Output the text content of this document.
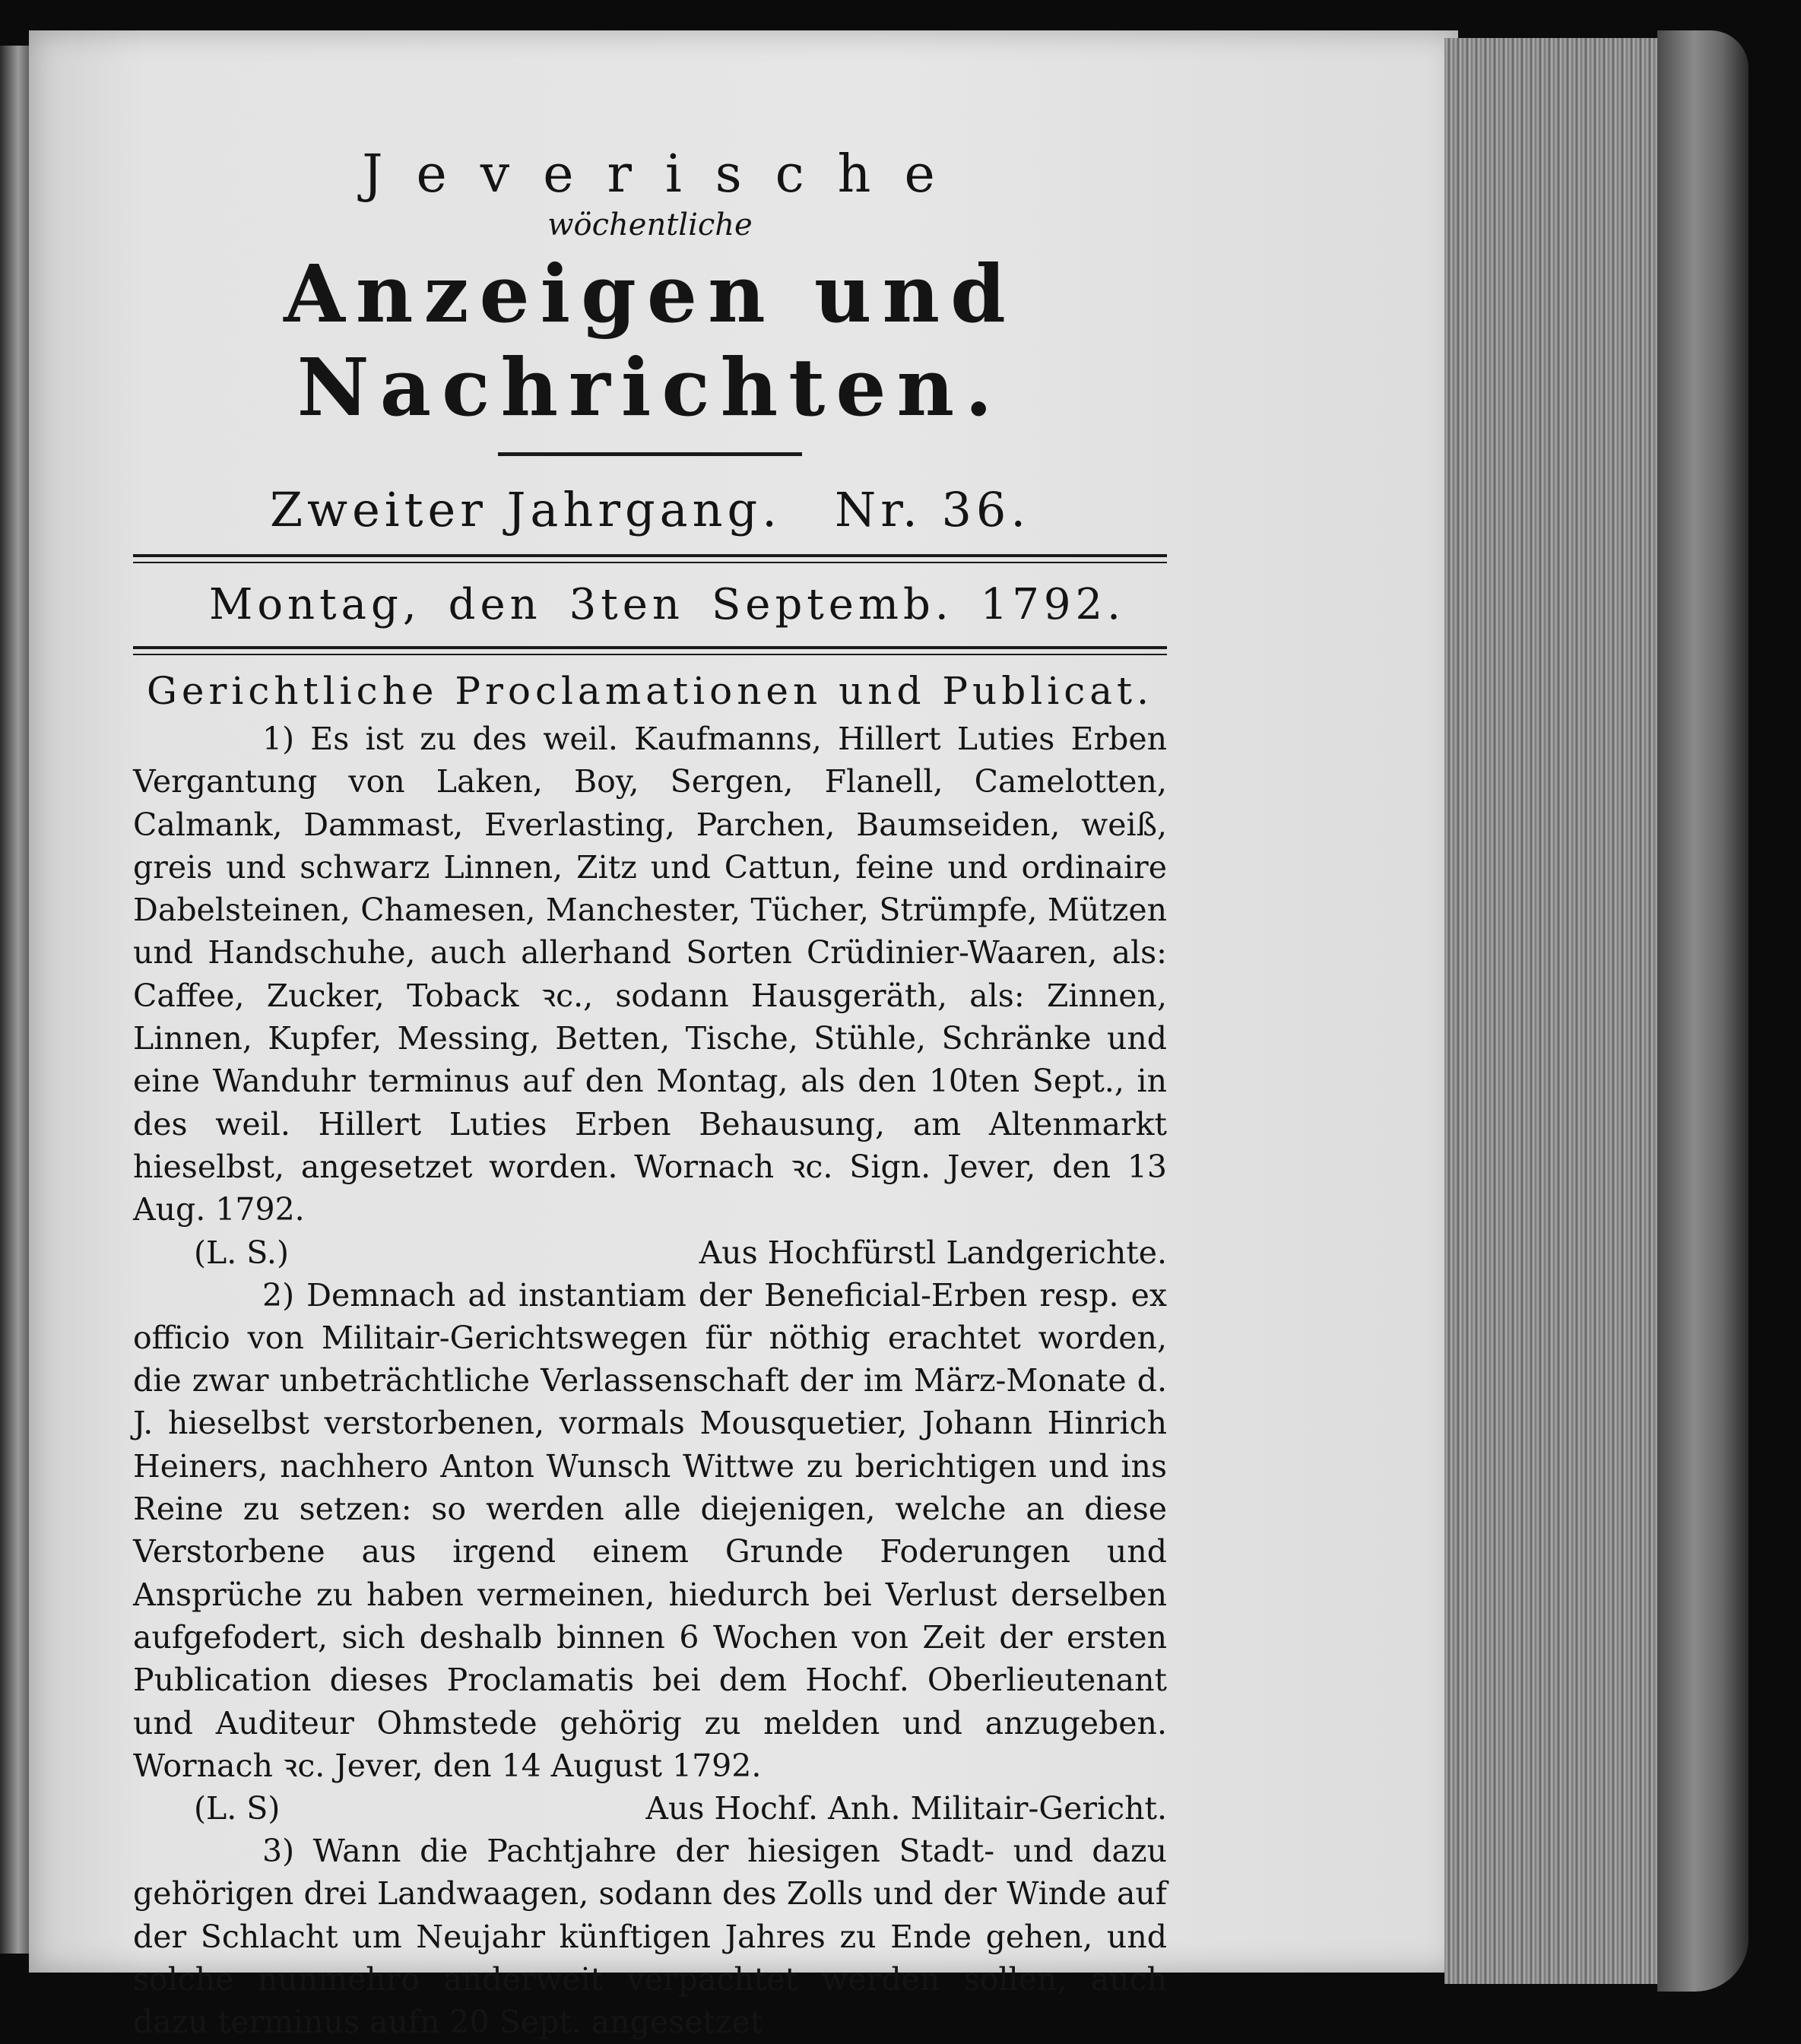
Jeverische
wöchentliche
Anzeigen und Nachrichten.
Zweiter Jahrgang. Nr. 36.
Montag, den 3ten Septemb. 1792.
Gerichtliche Proclamationen und Publicat.

1) Es ist zu des weil. Kaufmanns, Hillert Luties Erben Vergantung von Laken, Boy, Sergen, Flanell, Camelotten, Calmank, Dammast, Everlasting, Parchen, Baumseiden, weiß, greis und schwarz Linnen, Zitz und Cattun, feine und ordinaire Dabelsteinen, Chamesen, Manchester, Tücher, Strümpfe, Mützen und Handschuhe, auch allerhand Sorten Crüdinier-Waaren, als: Caffee, Zucker, Toback ꝛc., sodann Hausgeräth, als: Zinnen, Linnen, Kupfer, Messing, Betten, Tische, Stühle, Schränke und eine Wanduhr terminus auf den Montag, als den 10ten Sept., in des weil. Hillert Luties Erben Behausung, am Altenmarkt hieselbst, angesetzet worden. Wornach ꝛc. Sign. Jever, den 13 Aug. 1792.

(L. S.)	Aus Hochfürstl Landgerichte.

2) Demnach ad instantiam der Beneficial-Erben resp. ex officio von Militair-Gerichtswegen für nöthig erachtet worden, die zwar unbeträchtliche Verlassenschaft der im März-Monate d. J. hieselbst verstorbenen, vormals Mousquetier, Johann Hinrich Heiners, nachhero Anton Wunsch Wittwe zu berichtigen und ins Reine zu setzen: so werden alle diejenigen, welche an diese Verstorbene aus irgend einem Grunde Foderungen und Ansprüche zu haben vermeinen, hiedurch bei Verlust derselben aufgefodert, sich deshalb binnen 6 Wochen von Zeit der ersten Publication dieses Proclamatis bei dem Hochf. Oberlieutenant und Auditeur Ohmstede gehörig zu melden und anzugeben. Wornach ꝛc. Jever, den 14 August 1792.

(L. S)	Aus Hochf. Anh. Militair-Gericht.

3) Wann die Pachtjahre der hiesigen Stadt- und dazu gehörigen drei Landwaagen, sodann des Zolls und der Winde auf der Schlacht um Neujahr künftigen Jahres zu Ende gehen, und solche nunmehro anderweit verpachtet werden sollen, auch dazu terminus aufn 20 Sept. angesetzet
